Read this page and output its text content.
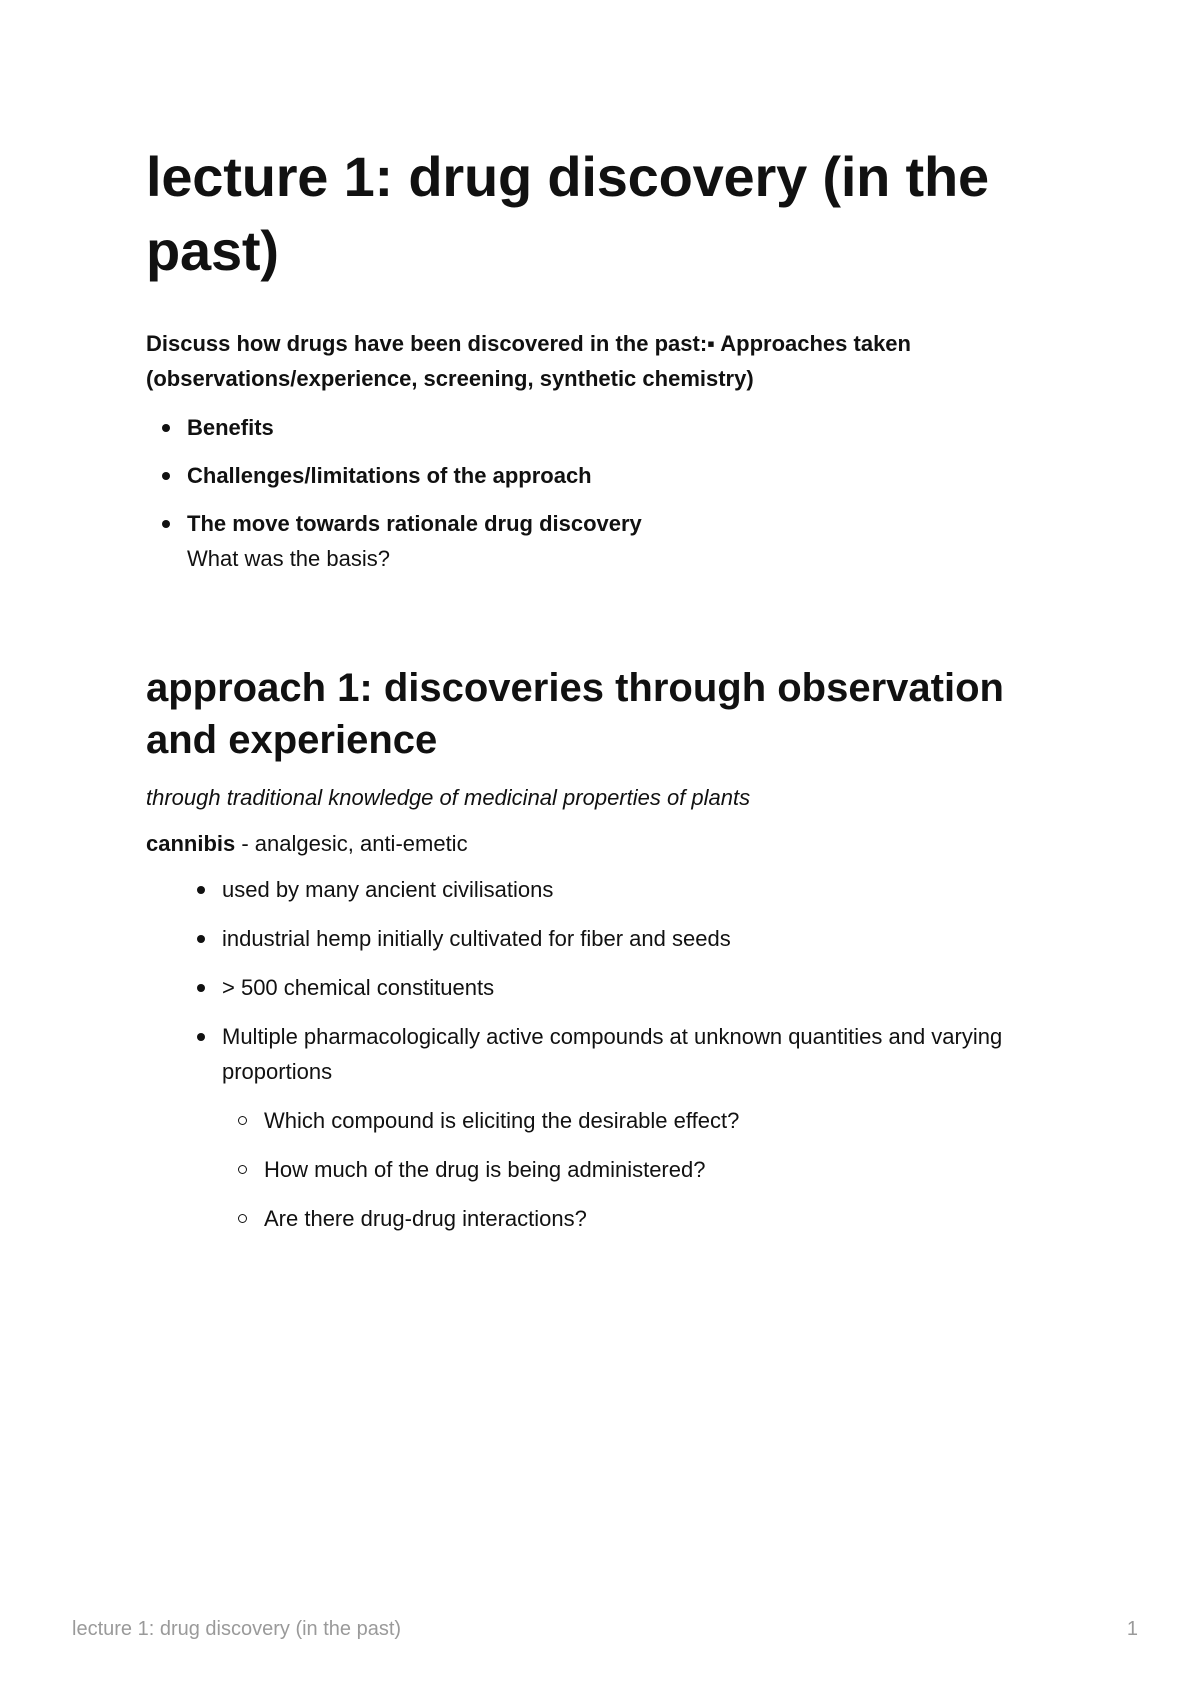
lecture 1: drug discovery (in the past)

Discuss how drugs have been discovered in the past:▪ Approaches taken (observations/experience, screening, synthetic chemistry)

Benefits
Challenges/limitations of the approach
The move towards rationale drug discovery
What was the basis?
approach 1: discoveries through observation and experience

through traditional knowledge of medicinal properties of plants

cannibis - analgesic, anti-emetic

used by many ancient civilisations
industrial hemp initially cultivated for fiber and seeds
> 500 chemical constituents
Multiple pharmacologically active compounds at unknown quantities and varying proportions
Which compound is eliciting the desirable effect?
How much of the drug is being administered?
Are there drug-drug interactions?
lecture 1: drug discovery (in the past)	1
